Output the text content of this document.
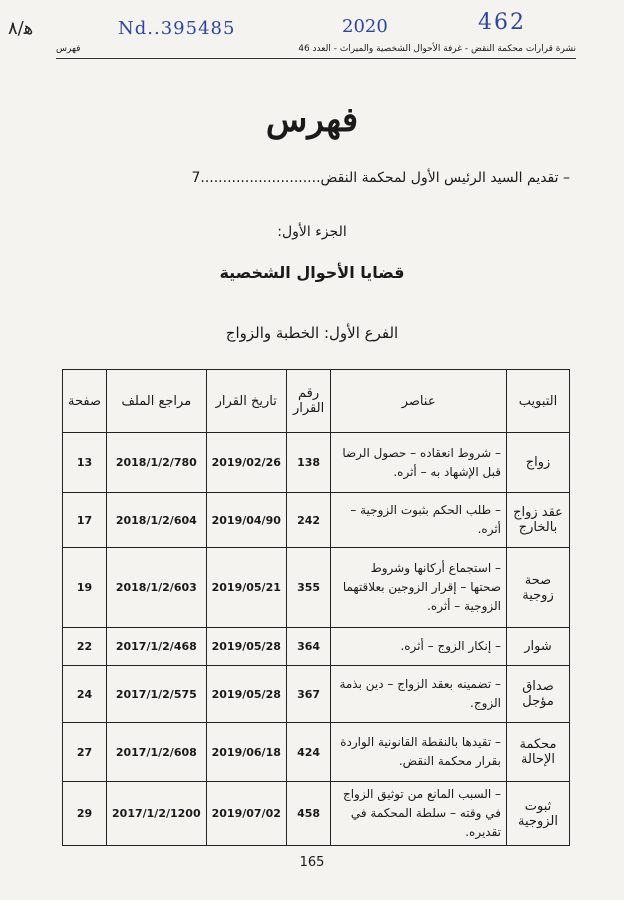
ﻫ/٨	462
2020
Nd..395485
فهرس	نشرة قرارات محكمة النقض - غرفة الأحوال الشخصية والميراث - العدد 46
فهرس
– تقديم السيد الرئيس الأول لمحكمة النقض...........................7
الجزء الأول:
قضايا الأحوال الشخصية
الفرع الأول: الخطبة والزواج
التبويب	عناصر	رقم القرار	تاريخ القرار	مراجع الملف	صفحة
زواج	– شروط انعقاده – حصول الرضا قبل الإشهاد به – أثره.	138	2019/02/26	2018/1/2/780	13
عقد زواج بالخارج	– طلب الحكم بثبوت الزوجية – أثره.	242	2019/04/90	2018/1/2/604	17
صحة زوجية	– استجماع أركانها وشروط صحتها – إقرار الزوجين بعلاقتهما الزوجية – أثره.	355	2019/05/21	2018/1/2/603	19
شوار	– إنكار الزوج – أثره.	364	2019/05/28	2017/1/2/468	22
صداق مؤجل	– تضمينه بعقد الزواج – دين بذمة الزوج.	367	2019/05/28	2017/1/2/575	24
محكمة الإحالة	– تقيدها بالنقطة القانونية الواردة بقرار محكمة النقض.	424	2019/06/18	2017/1/2/608	27
ثبوت الزوجية	– السبب المانع من توثيق الزواج في وقته – سلطة المحكمة في تقديره.	458	2019/07/02	2017/1/2/1200	29
165
